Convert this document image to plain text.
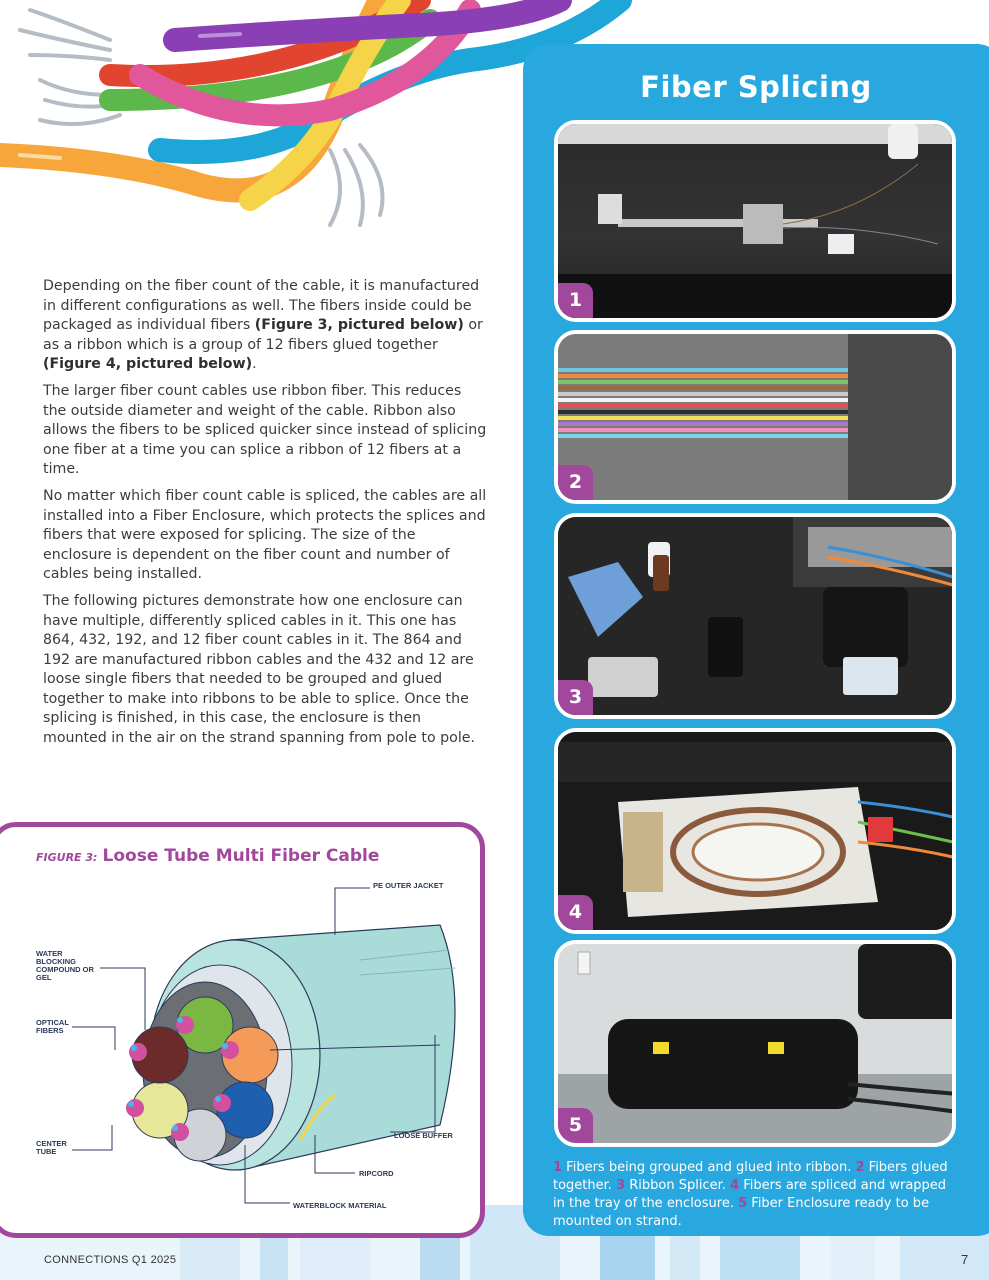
Depending on the fiber count of the cable, it is manufactured in different configurations as well. The fibers inside could be packaged as individual fibers (Figure 3, pictured below) or as a ribbon which is a group of 12 fibers glued together (Figure 4, pictured below).

The larger fiber count cables use ribbon fiber. This reduces the outside diameter and weight of the cable. Ribbon also allows the fibers to be spliced quicker since instead of splicing one fiber at a time you can splice a ribbon of 12 fibers at a time.

No matter which fiber count cable is spliced, the cables are all installed into a Fiber Enclosure, which protects the splices and fibers that were exposed for splicing. The size of the enclosure is dependent on the fiber count and number of cables being installed.

The following pictures demonstrate how one enclosure can have multiple, differently spliced cables in it. This one has 864, 432, 192, and 12 fiber count cables in it. The 864 and 192 are manufactured ribbon cables and the 432 and 12 are loose single fibers that needed to be grouped and glued together to make into ribbons to be able to splice. Once the splicing is finished, in this case, the enclosure is then mounted in the air on the strand spanning from pole to pole.

FIGURE 3: Loose Tube Multi Fiber Cable
PE OUTER JACKET
WATER BLOCKING COMPOUND OR GEL
OPTICAL FIBERS
CENTER TUBE
LOOSE BUFFER
RIPCORD
WATERBLOCK MATERIAL
Fiber Splicing
1
2
3
4
5
1 Fibers being grouped and glued into ribbon. 2 Fibers glued together. 3 Ribbon Splicer. 4 Fibers are spliced and wrapped in the tray of the enclosure. 5 Fiber Enclosure ready to be mounted on strand.
CONNECTIONS Q1 2025	7
